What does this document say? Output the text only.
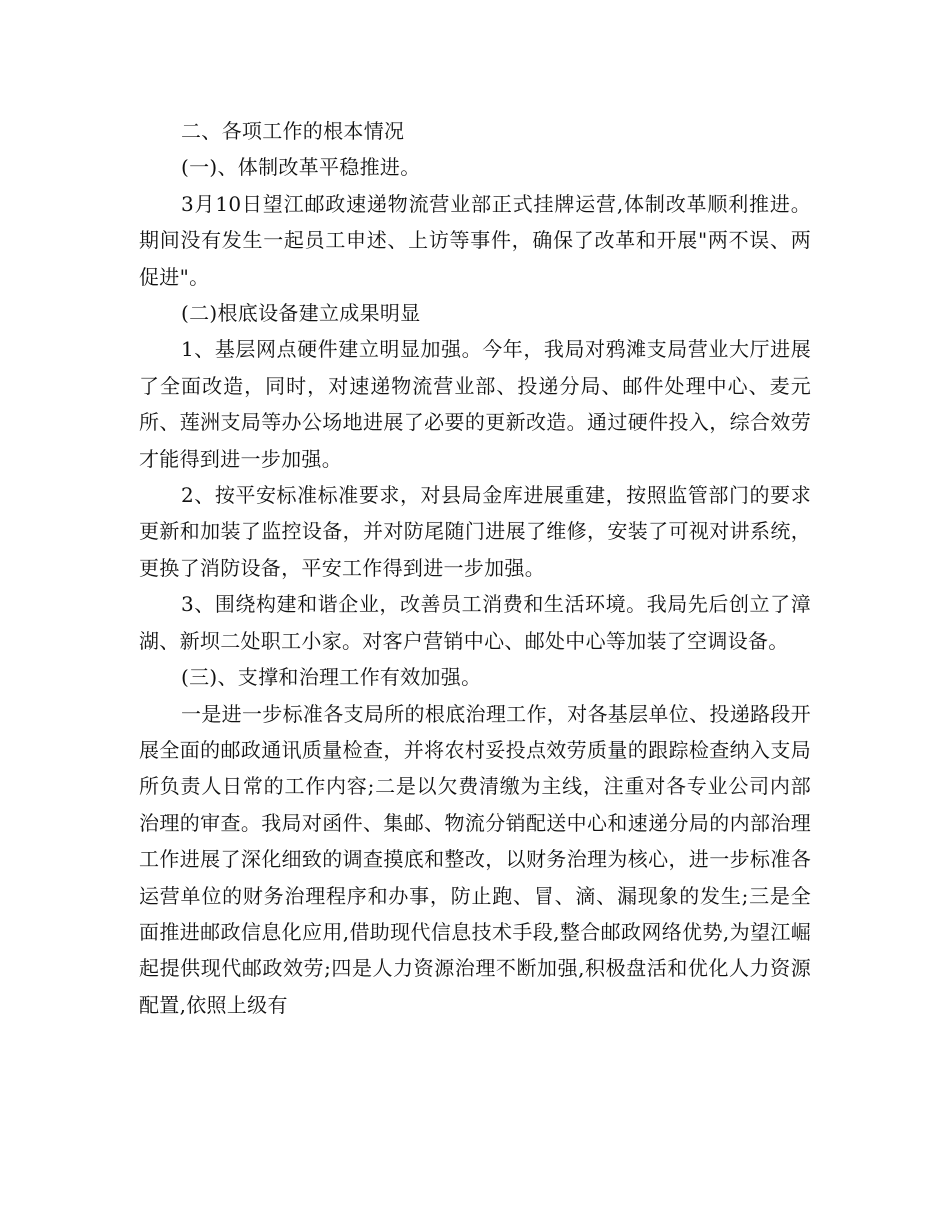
二、各项工作的根本情况

(一)、体制改革平稳推进。

3月10日望江邮政速递物流营业部正式挂牌运营,体制改革顺利推进。期间没有发生一起员工申述、上访等事件，确保了改革和开展"两不误、两促进"。

(二)根底设备建立成果明显

1、基层网点硬件建立明显加强。今年，我局对鸦滩支局营业大厅进展了全面改造，同时，对速递物流营业部、投递分局、邮件处理中心、麦元所、莲洲支局等办公场地进展了必要的更新改造。通过硬件投入，综合效劳才能得到进一步加强。

2、按平安标准标准要求，对县局金库进展重建，按照监管部门的要求更新和加装了监控设备，并对防尾随门进展了维修，安装了可视对讲系统，更换了消防设备，平安工作得到进一步加强。

3、围绕构建和谐企业，改善员工消费和生活环境。我局先后创立了漳湖、新坝二处职工小家。对客户营销中心、邮处中心等加装了空调设备。

(三)、支撑和治理工作有效加强。

一是进一步标准各支局所的根底治理工作，对各基层单位、投递路段开展全面的邮政通讯质量检查，并将农村妥投点效劳质量的跟踪检查纳入支局所负责人日常的工作内容;二是以欠费清缴为主线，注重对各专业公司内部治理的审查。我局对函件、集邮、物流分销配送中心和速递分局的内部治理工作进展了深化细致的调查摸底和整改，以财务治理为核心，进一步标准各运营单位的财务治理程序和办事，防止跑、冒、滴、漏现象的发生;三是全面推进邮政信息化应用,借助现代信息技术手段,整合邮政网络优势,为望江崛起提供现代邮政效劳;四是人力资源治理不断加强,积极盘活和优化人力资源配置,依照上级有
